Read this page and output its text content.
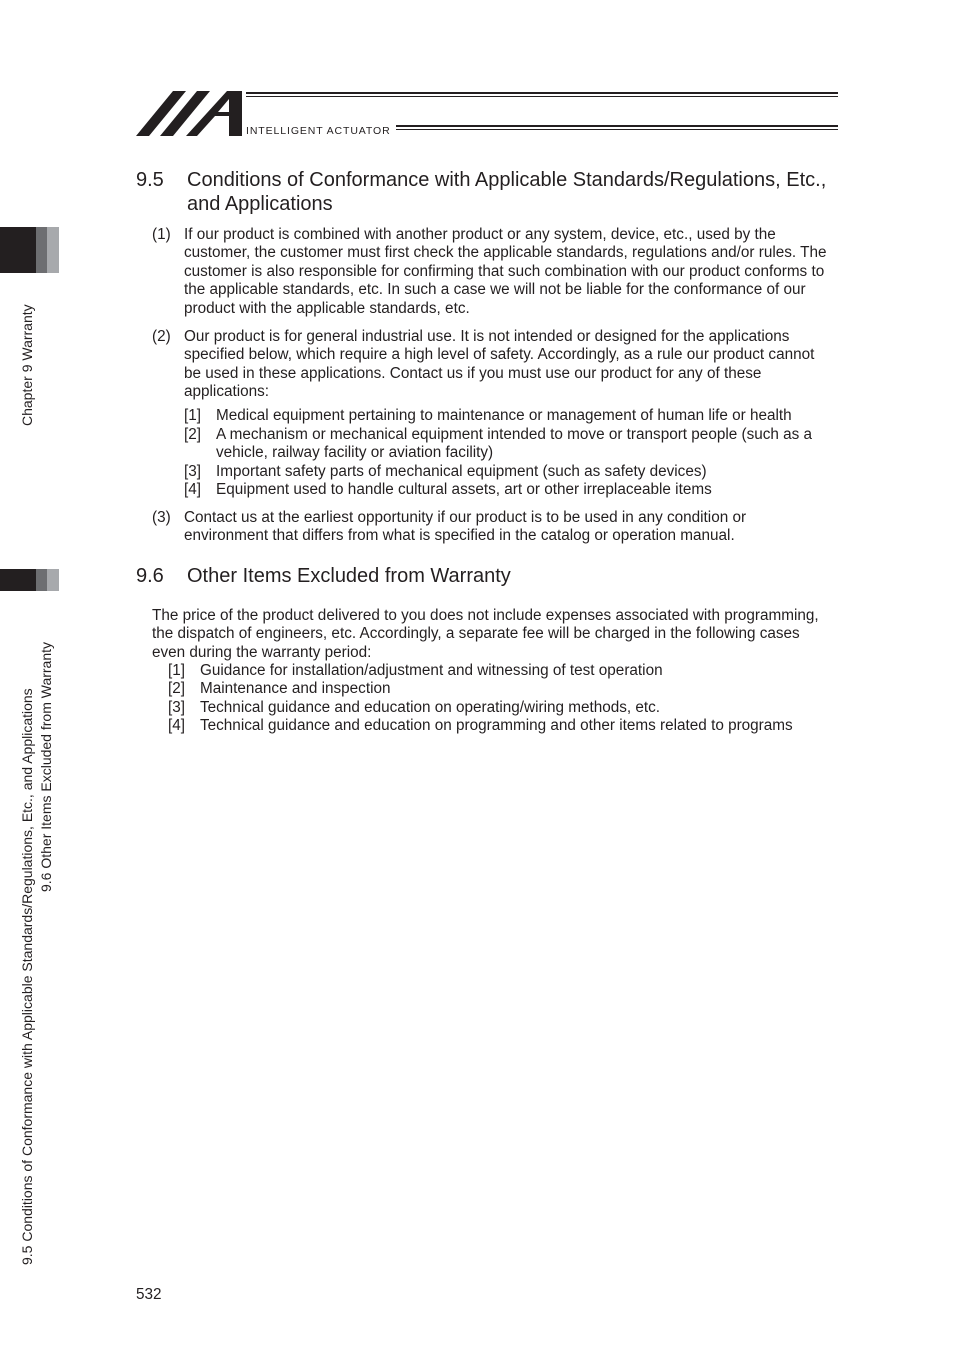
INTELLIGENT ACTUATOR
Chapter 9 Warranty
9.5 Conditions of Conformance with Applicable Standards/Regulations, Etc., and Applications 9.6 Other Items Excluded from Warranty
9.5 Conditions of Conformance with Applicable Standards/Regulations, Etc., and Applications
(1) If our product is combined with another product or any system, device, etc., used by the customer, the customer must first check the applicable standards, regulations and/or rules. The customer is also responsible for confirming that such combination with our product conforms to the applicable standards, etc. In such a case we will not be liable for the conformance of our product with the applicable standards, etc.
(2) Our product is for general industrial use. It is not intended or designed for the applications specified below, which require a high level of safety. Accordingly, as a rule our product cannot be used in these applications. Contact us if you must use our product for any of these applications:
[1] Medical equipment pertaining to maintenance or management of human life or health
[2] A mechanism or mechanical equipment intended to move or transport people (such as a vehicle, railway facility or aviation facility)
[3] Important safety parts of mechanical equipment (such as safety devices)
[4] Equipment used to handle cultural assets, art or other irreplaceable items
(3) Contact us at the earliest opportunity if our product is to be used in any condition or environment that differs from what is specified in the catalog or operation manual.
9.6 Other Items Excluded from Warranty
The price of the product delivered to you does not include expenses associated with programming, the dispatch of engineers, etc. Accordingly, a separate fee will be charged in the following cases even during the warranty period:
[1] Guidance for installation/adjustment and witnessing of test operation
[2] Maintenance and inspection
[3] Technical guidance and education on operating/wiring methods, etc.
[4] Technical guidance and education on programming and other items related to programs
532
